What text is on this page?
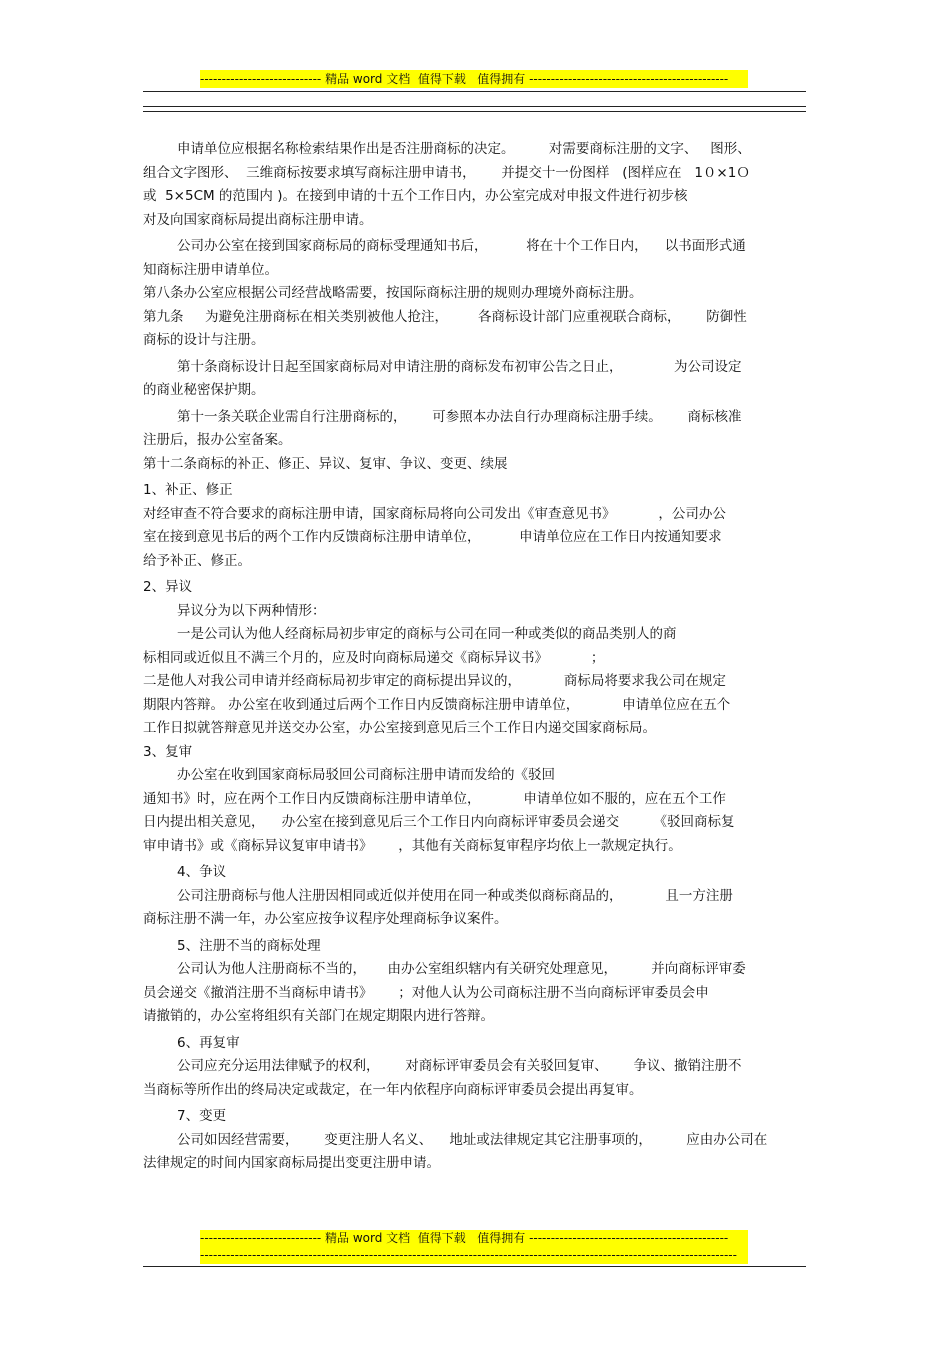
---------------------------- 精品 word 文档  值得下载   值得拥有 ----------------------------------------------

申请单位应根据名称检索结果作出是否注册商标的决定。        对需要商标注册的文字、   图形、

组合文字图形、  三维商标按要求填写商标注册申请书，      并提交十一份图样   (图样应在   1０×1Ｏ

或  5×5CM 的范围内 )。在接到申请的十五个工作日内，办公室完成对申报文件进行初步核

对及向国家商标局提出商标注册申请。

公司办公室在接到国家商标局的商标受理通知书后，         将在十个工作日内，    以书面形式通

知商标注册申请单位。

第八条办公室应根据公司经营战略需要，按国际商标注册的规则办理境外商标注册。

第九条     为避免注册商标在相关类别被他人抢注，       各商标设计部门应重视联合商标，      防御性

商标的设计与注册。

第十条商标设计日起至国家商标局对申请注册的商标发布初审公告之日止，            为公司设定

的商业秘密保护期。

第十一条关联企业需自行注册商标的，      可参照本办法自行办理商标注册手续。      商标核准

注册后，报办公室备案。

第十二条商标的补正、修正、异议、复审、争议、变更、续展

1、补正、修正

对经审查不符合要求的商标注册申请，国家商标局将向公司发出《审查意见书》          ，公司办公

室在接到意见书后的两个工作内反馈商标注册申请单位，         申请单位应在工作日内按通知要求

给予补正、修正。

2、异议

异议分为以下两种情形：

一是公司认为他人经商标局初步审定的商标与公司在同一种或类似的商品类别人的商

标相同或近似且不满三个月的，应及时向商标局递交《商标异议书》          ；

二是他人对我公司申请并经商标局初步审定的商标提出异议的，          商标局将要求我公司在规定

期限内答辩。 办公室在收到通过后两个工作日内反馈商标注册申请单位，          申请单位应在五个

工作日拟就答辩意见并送交办公室，办公室接到意见后三个工作日内递交国家商标局。

3、复审

办公室在收到国家商标局驳回公司商标注册申请而发给的《驳回

通知书》时，应在两个工作日内反馈商标注册申请单位，          申请单位如不服的，应在五个工作

日内提出相关意见，    办公室在接到意见后三个工作日内向商标评审委员会递交        《驳回商标复

审申请书》或《商标异议复审申请书》      ，其他有关商标复审程序均依上一款规定执行。

4、争议

公司注册商标与他人注册因相同或近似并使用在同一种或类似商标商品的，          且一方注册

商标注册不满一年，办公室应按争议程序处理商标争议案件。

5、注册不当的商标处理

公司认为他人注册商标不当的，     由办公室组织辖内有关研究处理意见，        并向商标评审委

员会递交《撤消注册不当商标申请书》      ；对他人认为公司商标注册不当向商标评审委员会申

请撤销的，办公室将组织有关部门在规定期限内进行答辩。

6、再复审

公司应充分运用法律赋予的权利，      对商标评审委员会有关驳回复审、      争议、撤销注册不

当商标等所作出的终局决定或裁定，在一年内依程序向商标评审委员会提出再复审。

7、变更

公司如因经营需要，      变更注册人名义、    地址或法律规定其它注册事项的，        应由办公司在

法律规定的时间内国家商标局提出变更注册申请。

---------------------------- 精品 word 文档  值得下载   值得拥有 ----------------------------------------------
----------------------------------------------------------------------------------------------------------------------------
